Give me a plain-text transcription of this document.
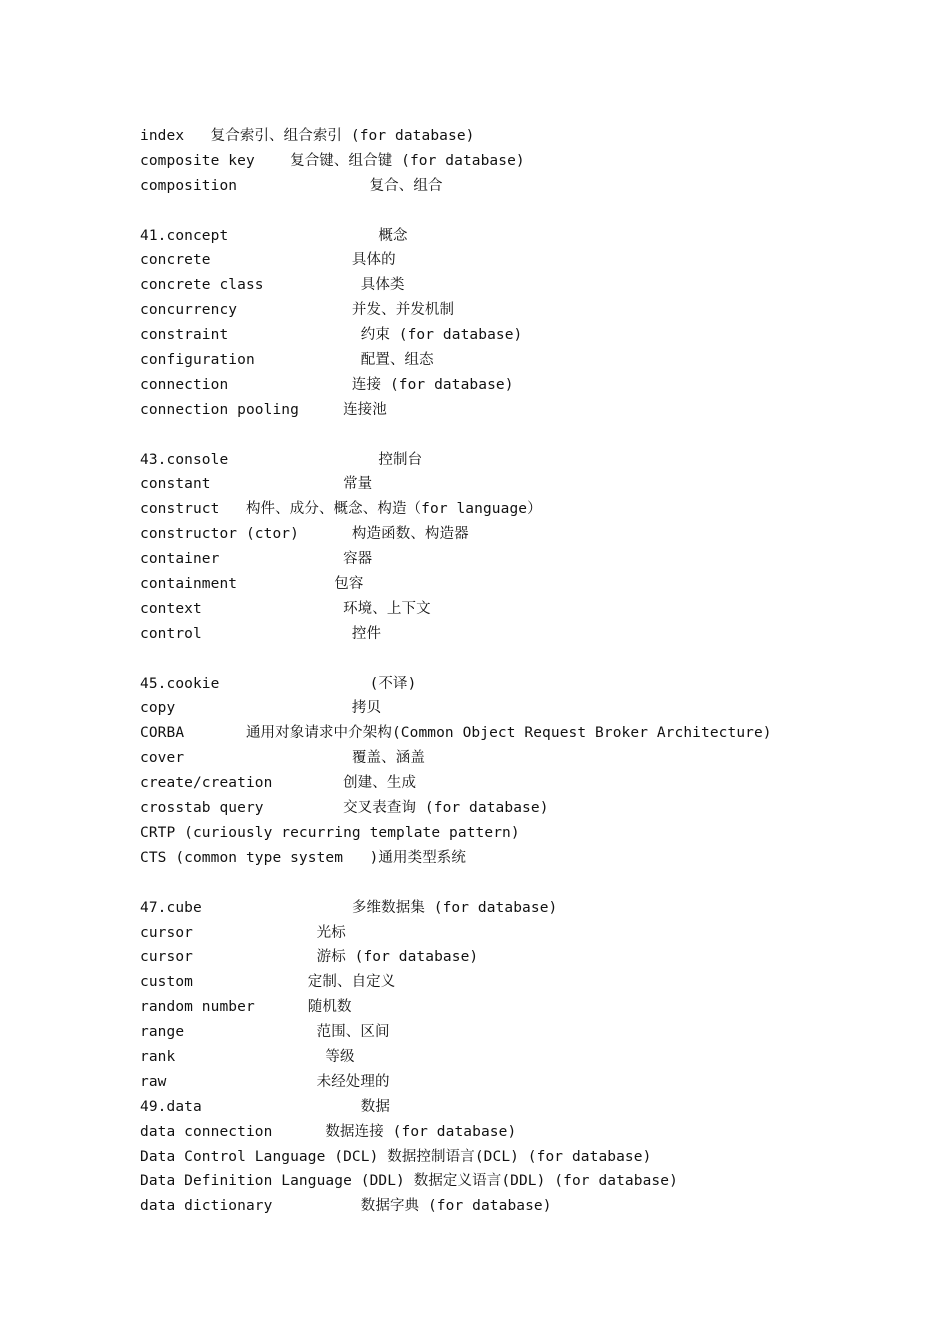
index   复合索引、组合索引 (for database)
composite key    复合键、组合键 (for database)
composition               复合、组合
41.concept                 概念
concrete                具体的
concrete class           具体类
concurrency             并发、并发机制
constraint               约束 (for database)
configuration            配置、组态
connection              连接 (for database)
connection pooling     连接池
43.console                 控制台
constant               常量
construct   构件、成分、概念、构造（for language）
constructor (ctor)      构造函数、构造器
container              容器
containment           包容
context                环境、上下文
control                 控件
45.cookie                 (不译)
copy                    拷贝
CORBA       通用对象请求中介架构(Common Object Request Broker Architecture)
cover                   覆盖、涵盖
create/creation        创建、生成
crosstab query         交叉表查询 (for database)
CRTP (curiously recurring template pattern)
CTS (common type system   )通用类型系统
47.cube                 多维数据集 (for database)
cursor              光标
cursor              游标 (for database)
custom             定制、自定义
random number      随机数
range               范围、区间
rank                 等级
raw                 未经处理的
49.data                  数据
data connection      数据连接 (for database)
Data Control Language (DCL) 数据控制语言(DCL) (for database)
Data Definition Language (DDL) 数据定义语言(DDL) (for database)
data dictionary          数据字典 (for database)
